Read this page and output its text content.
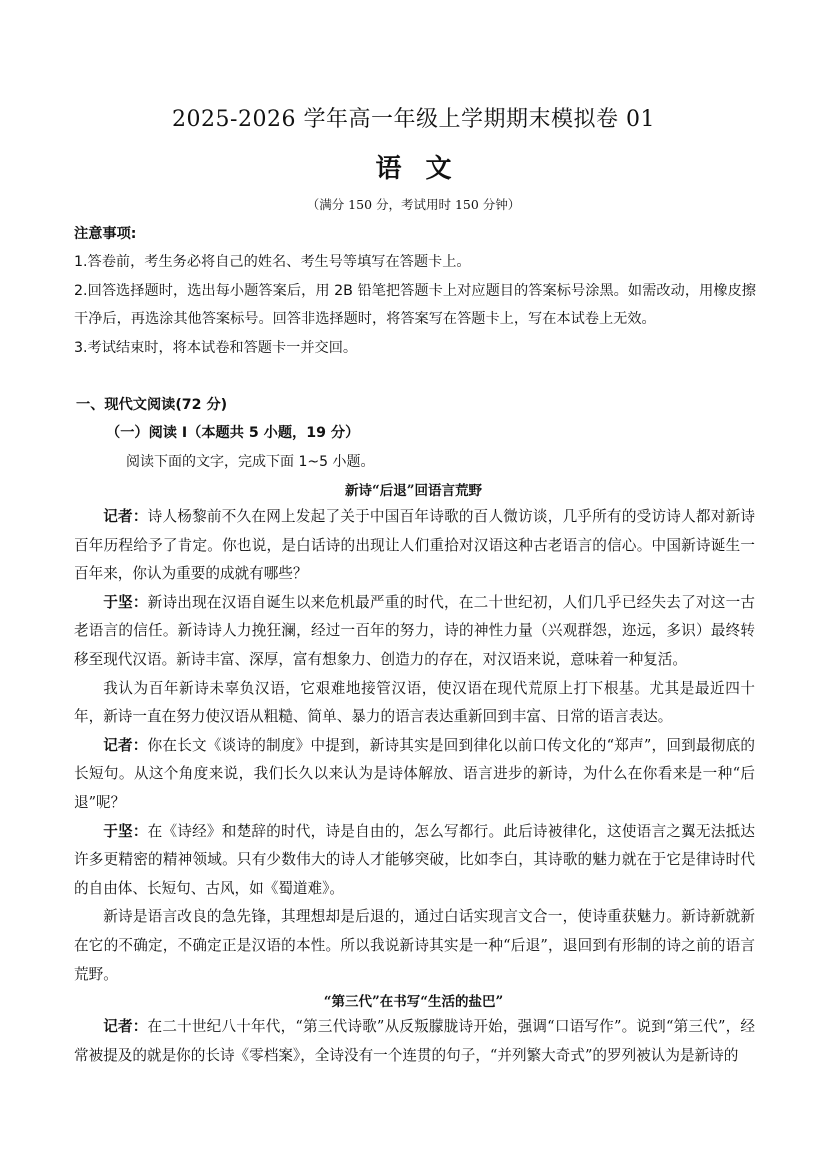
2025-2026 学年高一年级上学期期末模拟卷 01
语文
（满分 150 分，考试用时 150 分钟）
注意事项:
1.答卷前，考生务必将自己的姓名、考生号等填写在答题卡上。
2.回答选择题时，选出每小题答案后，用 2B 铅笔把答题卡上对应题目的答案标号涂黑。如需改动，用橡皮擦干净后，再选涂其他答案标号。回答非选择题时，将答案写在答题卡上，写在本试卷上无效。
3.考试结束时，将本试卷和答题卡一并交回。
一、现代文阅读(72 分)
（一）阅读 I（本题共 5 小题，19 分）
阅读下面的文字，完成下面 1~5 小题。
新诗“后退”回语言荒野

记者：诗人杨黎前不久在网上发起了关于中国百年诗歌的百人微访谈，几乎所有的受访诗人都对新诗百年历程给予了肯定。你也说，是白话诗的出现让人们重拾对汉语这种古老语言的信心。中国新诗诞生一百年来，你认为重要的成就有哪些？

于坚：新诗出现在汉语自诞生以来危机最严重的时代，在二十世纪初，人们几乎已经失去了对这一古老语言的信任。新诗诗人力挽狂澜，经过一百年的努力，诗的神性力量（兴观群怨，迩远，多识）最终转移至现代汉语。新诗丰富、深厚，富有想象力、创造力的存在，对汉语来说，意味着一种复活。

我认为百年新诗未辜负汉语，它艰难地接管汉语，使汉语在现代荒原上打下根基。尤其是最近四十年，新诗一直在努力使汉语从粗糙、简单、暴力的语言表达重新回到丰富、日常的语言表达。

记者：你在长文《谈诗的制度》中提到，新诗其实是回到律化以前口传文化的“郑声”，回到最彻底的长短句。从这个角度来说，我们长久以来认为是诗体解放、语言进步的新诗，为什么在你看来是一种“后退”呢？

于坚：在《诗经》和楚辞的时代，诗是自由的，怎么写都行。此后诗被律化，这使语言之翼无法抵达许多更精密的精神领域。只有少数伟大的诗人才能够突破，比如李白，其诗歌的魅力就在于它是律诗时代的自由体、长短句、古风，如《蜀道难》。

新诗是语言改良的急先锋，其理想却是后退的，通过白话实现言文合一，使诗重获魅力。新诗新就新在它的不确定，不确定正是汉语的本性。所以我说新诗其实是一种“后退”，退回到有形制的诗之前的语言荒野。

“第三代”在书写“生活的盐巴”

记者：在二十世纪八十年代，“第三代诗歌”从反叛朦胧诗开始，强调“口语写作”。说到“第三代”，经常被提及的就是你的长诗《零档案》，全诗没有一个连贯的句子，“并列繁大奇式”的罗列被认为是新诗的
